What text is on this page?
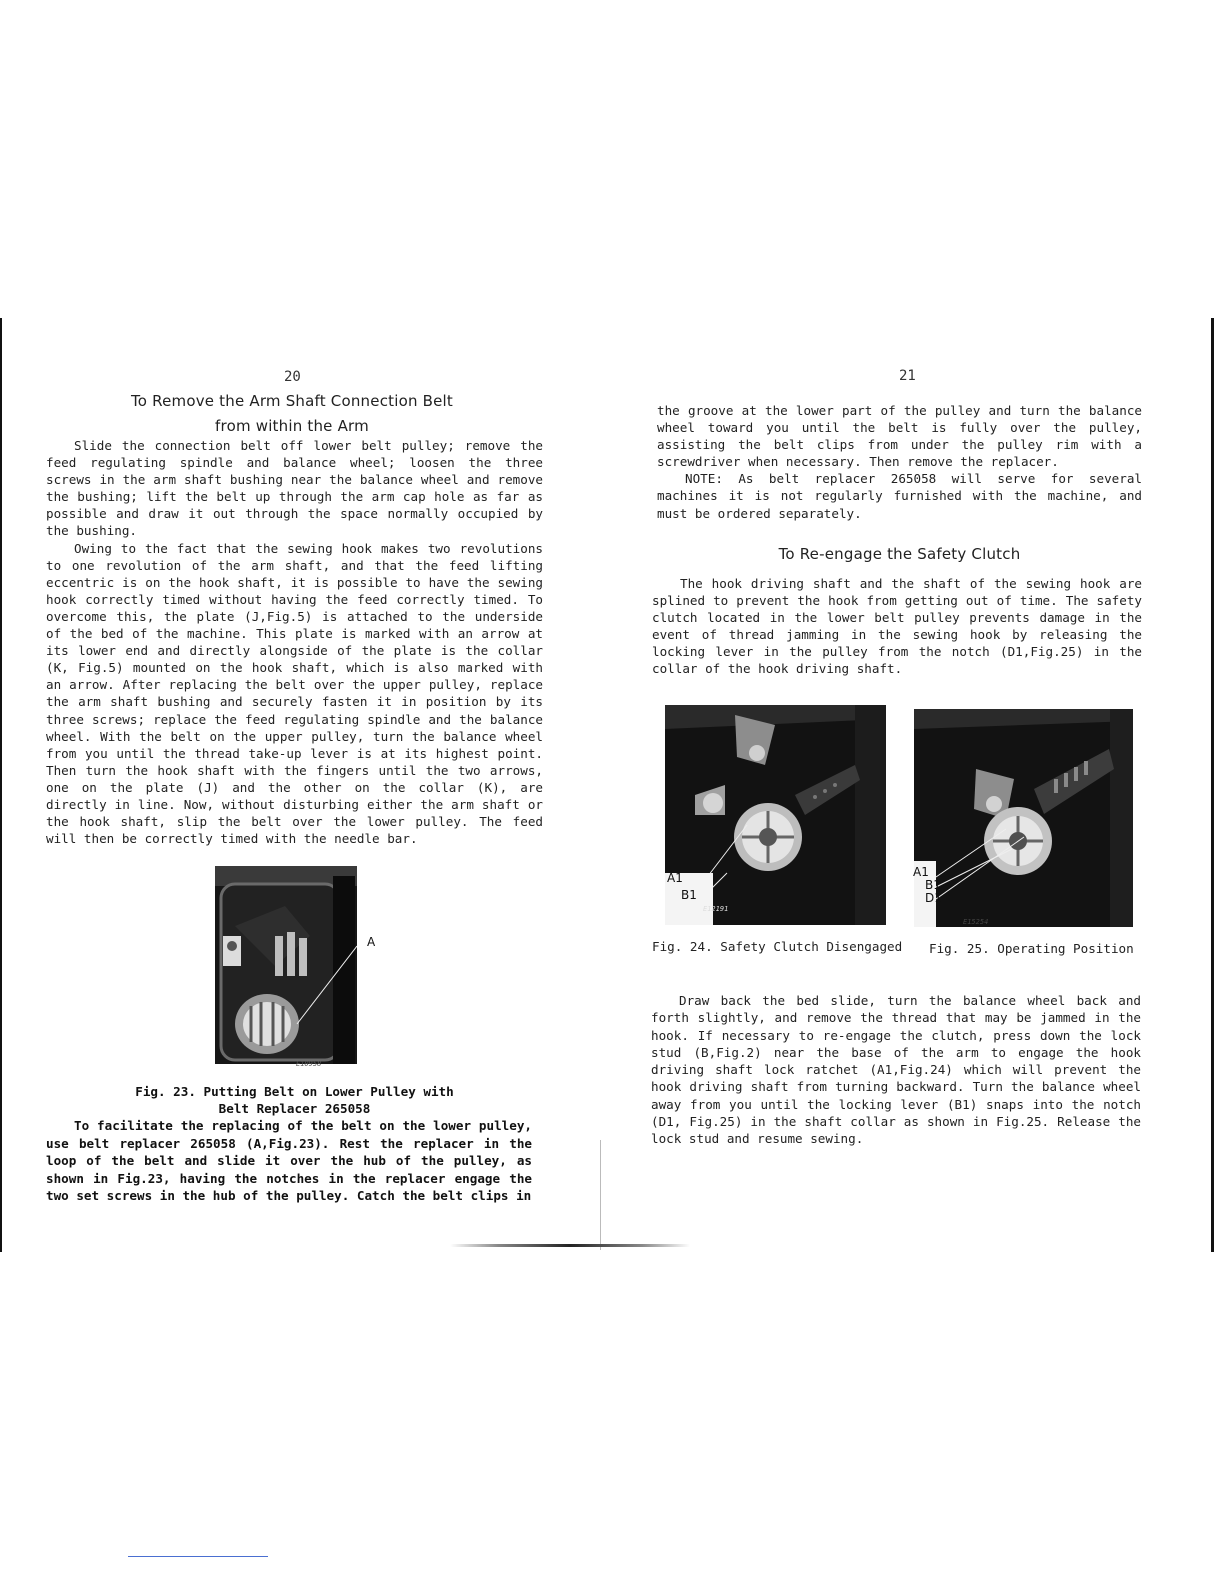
20
To Remove the Arm Shaft Connection Belt
from within the Arm

Slide the connection belt off lower belt pulley; remove the feed regulating spindle and balance wheel; loosen the three screws in the arm shaft bushing near the balance wheel and remove the bushing; lift the belt up through the arm cap hole as far as possible and draw it out through the space normally occupied by the bushing.

Owing to the fact that the sewing hook makes two revolutions to one revolution of the arm shaft, and that the feed lifting eccentric is on the hook shaft, it is possible to have the sewing hook correctly timed without having the feed correctly timed. To overcome this, the plate (J,Fig.5) is attached to the underside of the bed of the machine. This plate is marked with an arrow at its lower end and directly alongside of the plate is the collar (K, Fig.5) mounted on the hook shaft, which is also marked with an arrow. After replacing the belt over the upper pulley, replace the arm shaft bushing and securely fasten it in position by its three screws; replace the feed regulating spindle and the balance wheel. With the belt on the upper pulley, turn the balance wheel from you until the thread take-up lever is at its highest point. Then turn the hook shaft with the fingers until the two arrows, one on the plate (J) and the other on the collar (K), are directly in line. Now, without disturbing either the arm shaft or the hook shaft, slip the belt over the lower pulley. The feed will then be correctly timed with the needle bar.

A
E10958
Fig. 23. Putting Belt on Lower Pulley with
Belt Replacer 265058

To facilitate the replacing of the belt on the lower pulley, use belt replacer 265058 (A,Fig.23). Rest the replacer in the loop of the belt and slide it over the hub of the pulley, as shown in Fig.23, having the notches in the replacer engage the two set screws in the hub of the pulley. Catch the belt clips in

21

the groove at the lower part of the pulley and turn the balance wheel toward you until the belt is fully over the pulley, assisting the belt clips from under the pulley rim with a screwdriver when necessary. Then remove the replacer.

NOTE: As belt replacer 265058 will serve for several machines it is not regularly furnished with the machine, and must be ordered separately.

To Re-engage the Safety Clutch

The hook driving shaft and the shaft of the sewing hook are splined to prevent the hook from getting out of time. The safety clutch located in the lower belt pulley prevents damage in the event of thread jamming in the sewing hook by releasing the locking lever in the pulley from the notch (D1,Fig.25) in the collar of the hook driving shaft.

A1
B1
E12191
A1
B1
D1
E15254
Fig. 24. Safety Clutch Disengaged Fig. 25. Operating Position

Draw back the bed slide, turn the balance wheel back and forth slightly, and remove the thread that may be jammed in the hook. If necessary to re-engage the clutch, press down the lock stud (B,Fig.2) near the base of the arm to engage the hook driving shaft lock ratchet (A1,Fig.24) which will prevent the hook driving shaft from turning backward. Turn the balance wheel away from you until the locking lever (B1) snaps into the notch (D1, Fig.25) in the shaft collar as shown in Fig.25. Release the lock stud and resume sewing.
